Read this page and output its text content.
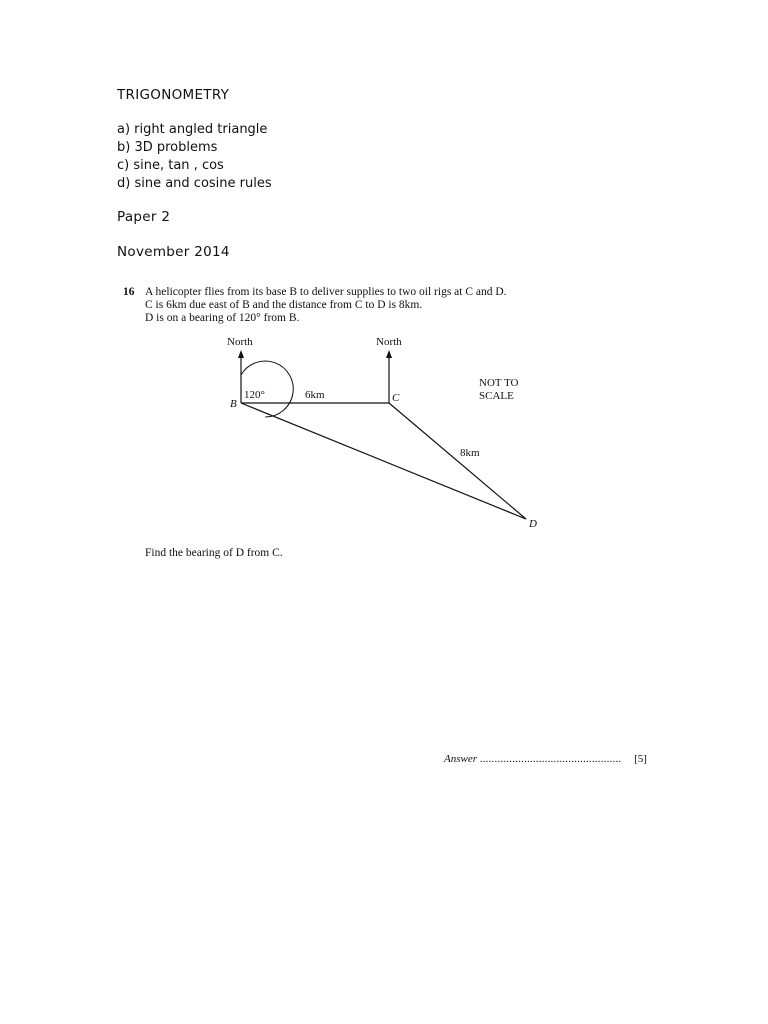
TRIGONOMETRY
a) right angled triangle
b) 3D problems
c) sine, tan , cos
d) sine and cosine rules
Paper 2
November 2014
16 A helicopter flies from its base B to deliver supplies to two oil rigs at C and D.
C is 6km due east of B and the distance from C to D is 8km.
D is on a bearing of 120° from B.
North	North
120°
B	C
D
6km
8km
NOT TO
SCALE
Find the bearing of D from C.
Answer ................................................ [5]
